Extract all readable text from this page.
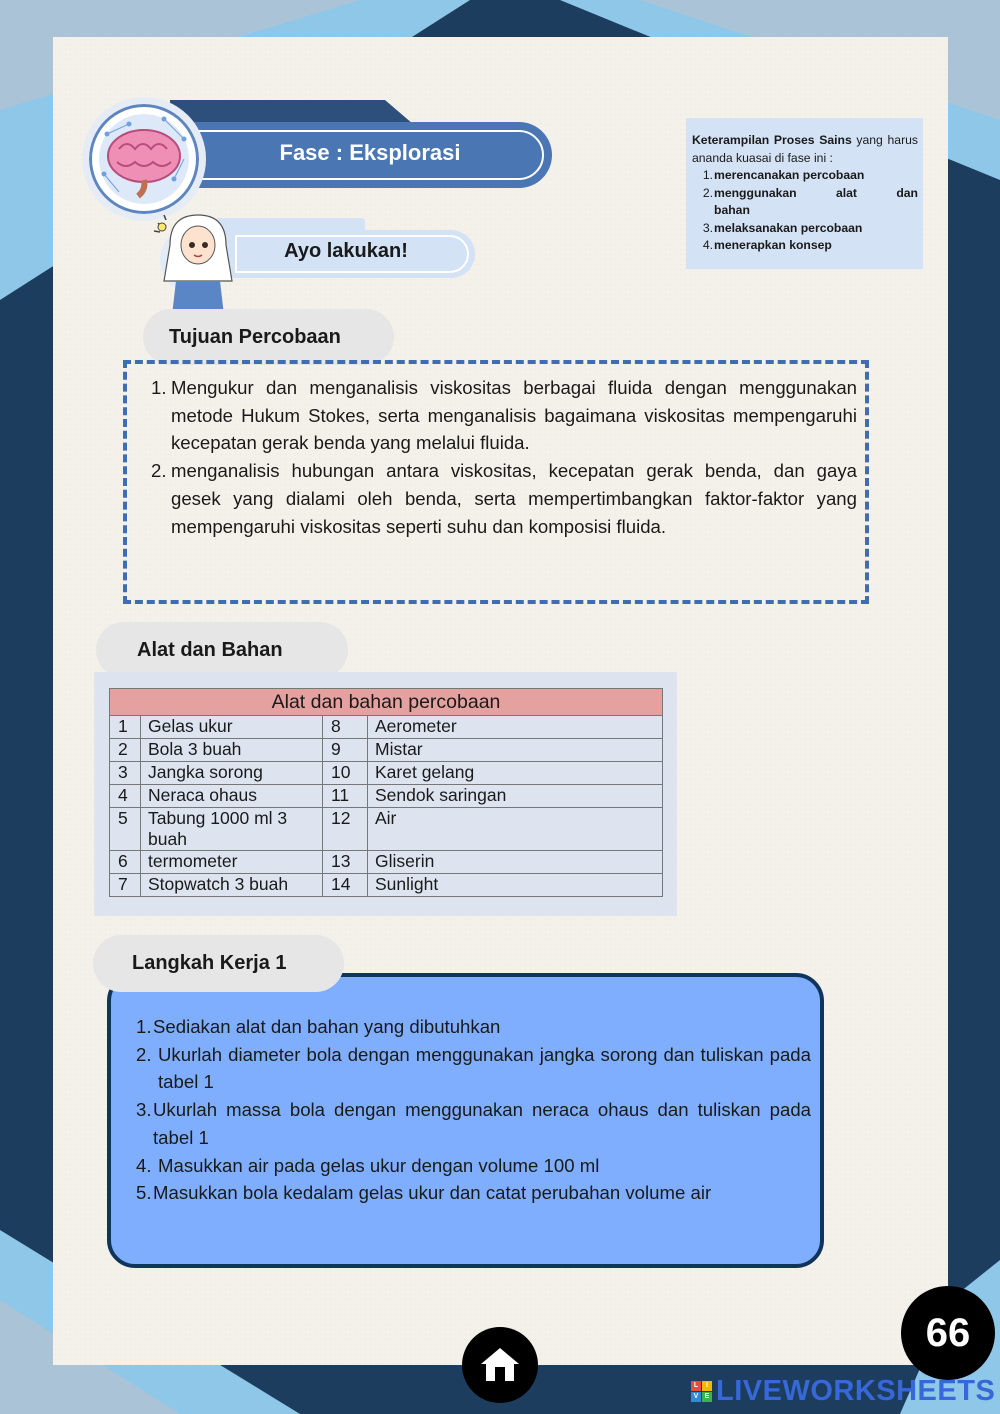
Fase : Eksplorasi
Ayo lakukan!
Keterampilan Proses Sains yang harus ananda kuasai di fase ini :
1. merencanakan percobaan
2. menggunakan alat dan
bahan
3. melaksanakan percobaan
4. menerapkan konsep
Tujuan Percobaan
1. Mengukur dan menganalisis viskositas berbagai fluida dengan menggunakan metode Hukum Stokes, serta menganalisis bagaimana viskositas mempengaruhi kecepatan gerak benda yang melalui fluida.
2. menganalisis hubungan antara viskositas, kecepatan gerak benda, dan gaya gesek yang dialami oleh benda, serta mempertimbangkan faktor-faktor yang mempengaruhi viskositas seperti suhu dan komposisi fluida.
Alat dan Bahan
Alat dan bahan percobaan			
1	Gelas ukur	8	Aerometer
2	Bola 3 buah	9	Mistar
3	Jangka sorong	10	Karet gelang
4	Neraca ohaus	11	Sendok saringan
5	Tabung 1000 ml 3
buah	12	Air
6	termometer	13	Gliserin
7	Stopwatch 3 buah	14	Sunlight
1. Sediakan alat dan bahan yang dibutuhkan
2. Ukurlah diameter bola dengan menggunakan jangka sorong dan tuliskan pada tabel 1
3. Ukurlah massa bola dengan menggunakan neraca ohaus dan tuliskan pada tabel 1
4. Masukkan air pada gelas ukur dengan volume 100 ml
5. Masukkan bola kedalam gelas ukur dan catat perubahan volume air
Langkah Kerja 1
66
L	I
V E LIVEWORKSHEETS
